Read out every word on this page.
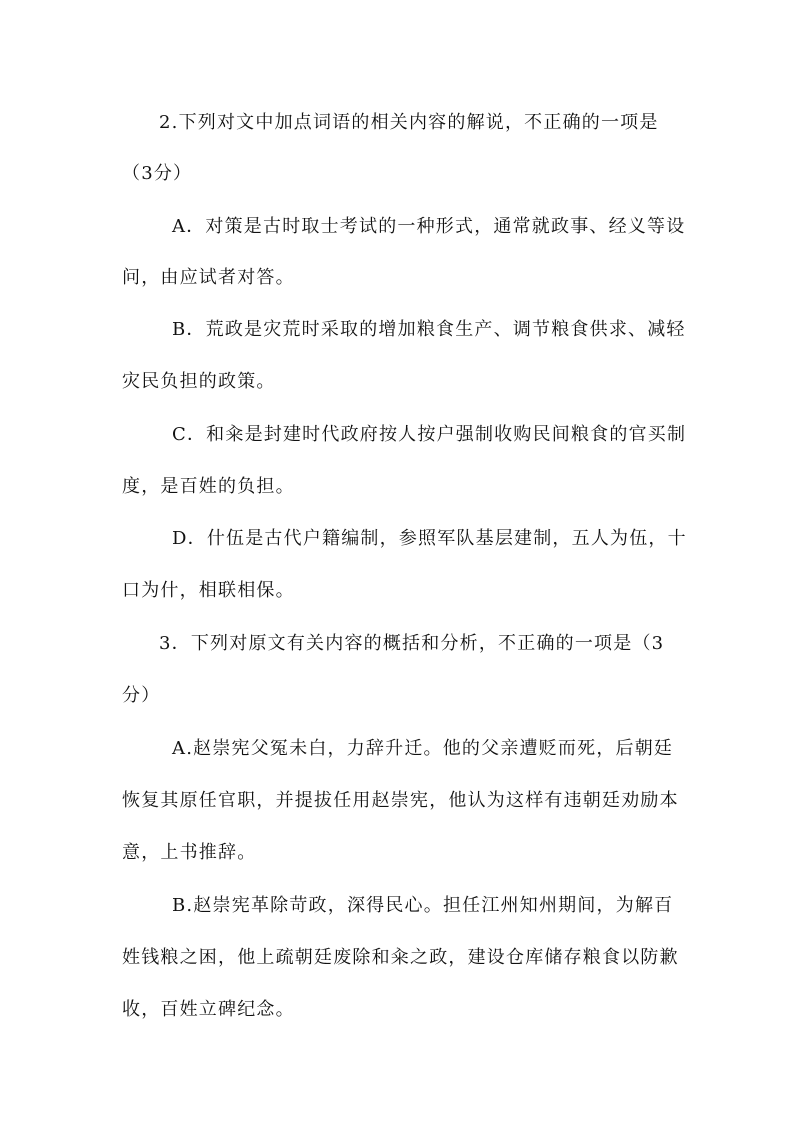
2.下列对文中加点词语的相关内容的解说，不正确的一项是
（3分）
A．对策是古时取士考试的一种形式，通常就政事、经义等设
问，由应试者对答。
B．荒政是灾荒时采取的增加粮食生产、调节粮食供求、减轻
灾民负担的政策。
C．和籴是封建时代政府按人按户强制收购民间粮食的官买制
度，是百姓的负担。
D．什伍是古代户籍编制，参照军队基层建制，五人为伍，十
口为什，相联相保。
3．下列对原文有关内容的概括和分析，不正确的一项是（3
分）
A.赵崇宪父冤未白，力辞升迁。他的父亲遭贬而死，后朝廷
恢复其原任官职，并提拔任用赵崇宪，他认为这样有违朝廷劝励本
意，上书推辞。
B.赵崇宪革除苛政，深得民心。担任江州知州期间，为解百
姓钱粮之困，他上疏朝廷废除和籴之政，建设仓库储存粮食以防歉
收，百姓立碑纪念。
